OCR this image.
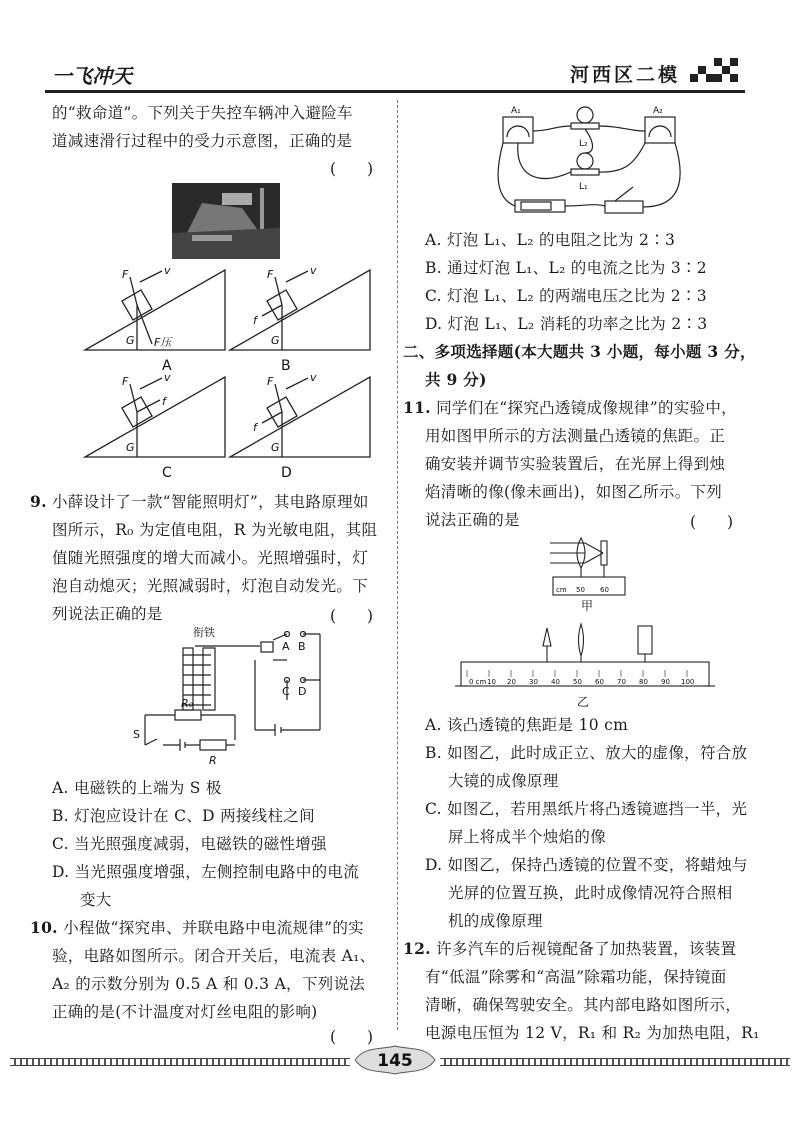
一飞冲天	河西区二模
的“救命道”。下列关于失控车辆冲入避险车
道减速滑行过程中的受力示意图，正确的是
(　　)
F	v
G F压
F	v
G
f
F	v
G
f
F	v
G
f
A	B
C	D
9. 小薛设计了一款“智能照明灯”，其电路原理如
图所示，R₀ 为定值电阻，R 为光敏电阻，其阻
值随光照强度的增大而减小。光照增强时，灯
泡自动熄灭；光照减弱时，灯泡自动发光。下
列说法正确的是	(　　)
衔铁
A B
C D
R₀
S
R
A. 电磁铁的上端为 S 极
B. 灯泡应设计在 C、D 两接线柱之间
C. 当光照强度减弱，电磁铁的磁性增强
D. 当光照强度增强，左侧控制电路中的电流
变大
10. 小程做“探究串、并联电路中电流规律”的实
验，电路如图所示。闭合开关后，电流表 A₁、
A₂ 的示数分别为 0.5 A 和 0.3 A，下列说法
正确的是(不计温度对灯丝电阻的影响)
(　　)
A₁	A₂
L₂
L₁
A. 灯泡 L₁、L₂ 的电阻之比为 2∶3
B. 通过灯泡 L₁、L₂ 的电流之比为 3∶2
C. 灯泡 L₁、L₂ 的两端电压之比为 2∶3
D. 灯泡 L₁、L₂ 消耗的功率之比为 2∶3
二、多项选择题(本大题共 3 小题，每小题 3 分，
共 9 分)
11. 同学们在“探究凸透镜成像规律”的实验中，
用如图甲所示的方法测量凸透镜的焦距。正
确安装并调节实验装置后，在光屏上得到烛
焰清晰的像(像未画出)，如图乙所示。下列
说法正确的是	(　　)
cm 50 60
甲
0 cm 10 20 30 40 50 60 70 80 90 100
乙
A. 该凸透镜的焦距是 10 cm
B. 如图乙，此时成正立、放大的虚像，符合放
大镜的成像原理
C. 如图乙，若用黑纸片将凸透镜遮挡一半，光
屏上将成半个烛焰的像
D. 如图乙，保持凸透镜的位置不变，将蜡烛与
光屏的位置互换，此时成像情况符合照相
机的成像原理
12. 许多汽车的后视镜配备了加热装置，该装置
有“低温”除雾和“高温”除霜功能，保持镜面
清晰，确保驾驶安全。其内部电路如图所示，
电源电压恒为 12 V，R₁ 和 R₂ 为加热电阻，R₁
145
